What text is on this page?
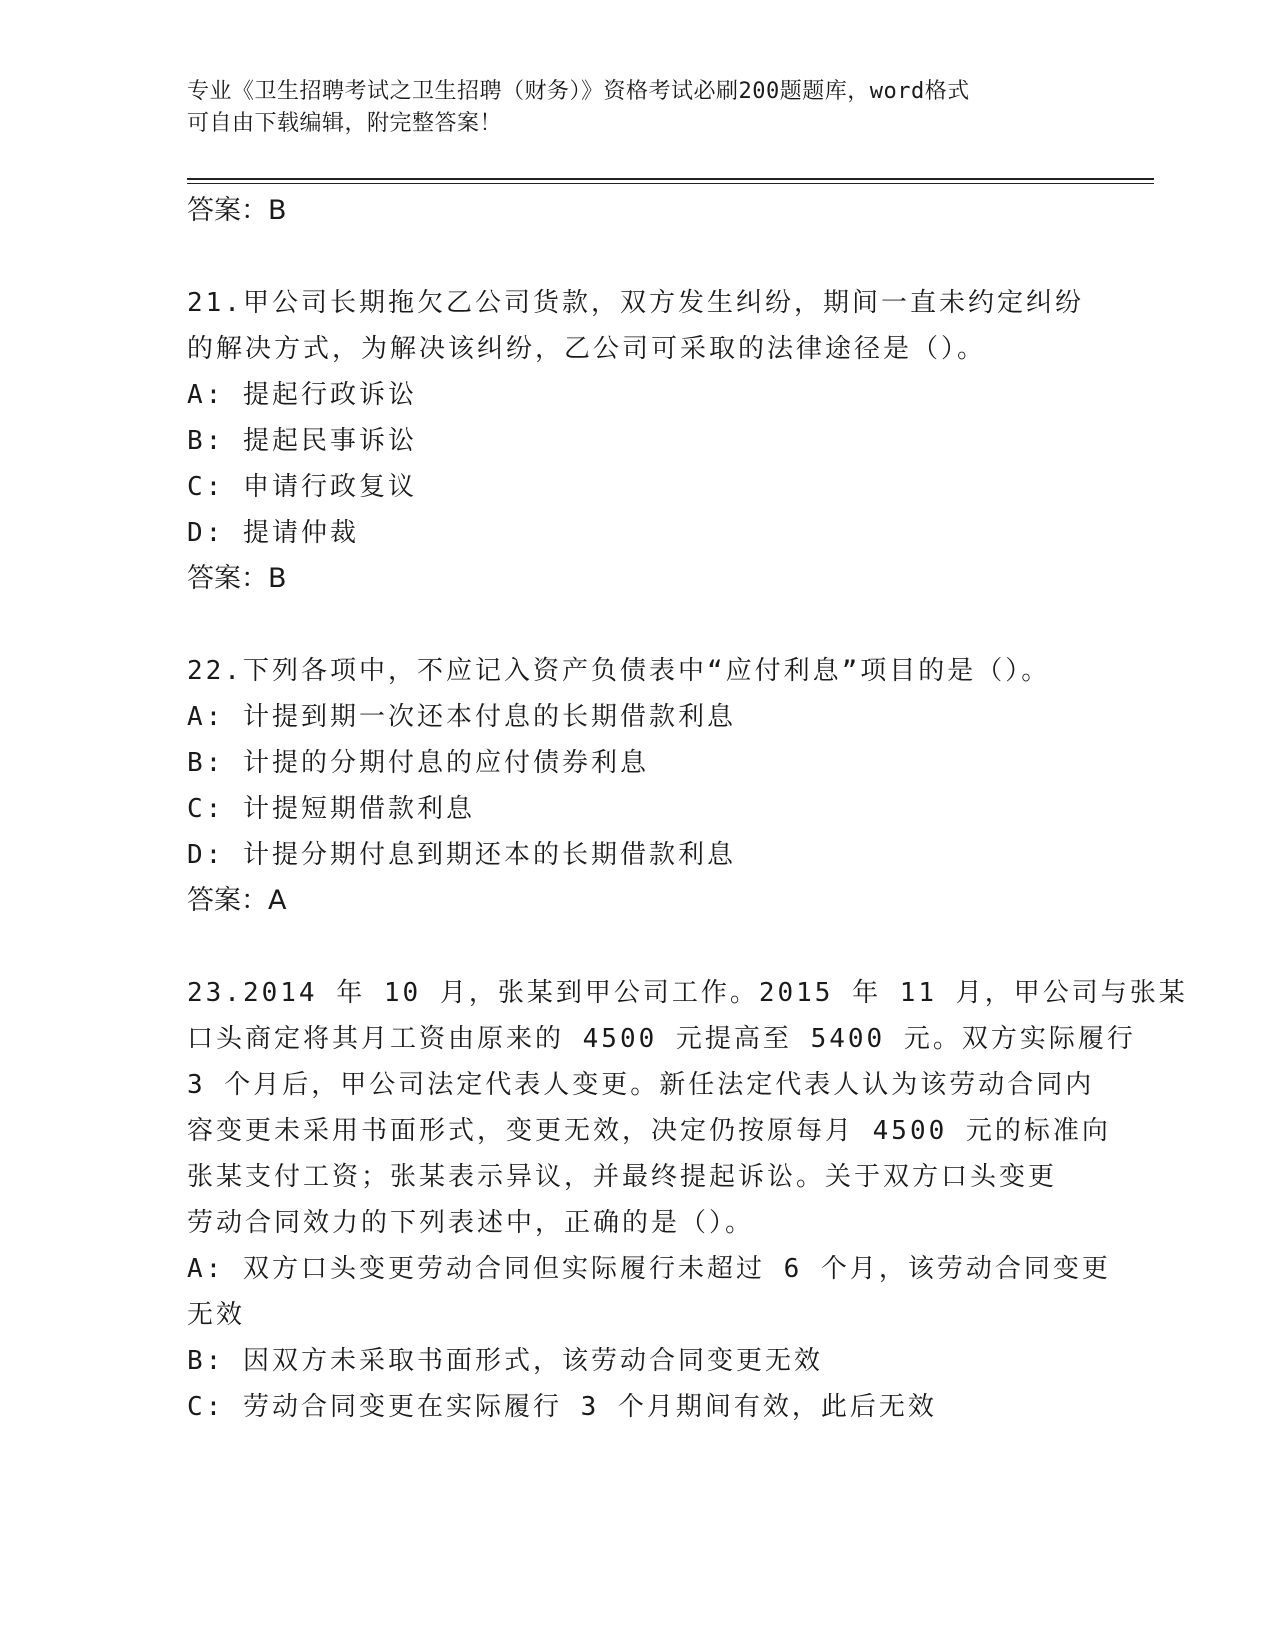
专业《卫生招聘考试之卫生招聘（财务）》资格考试必刷200题题库，word格式
可自由下载编辑，附完整答案！
答案：B
21.甲公司长期拖欠乙公司货款，双方发生纠纷，期间一直未约定纠纷
的解决方式，为解决该纠纷，乙公司可采取的法律途径是（）。
A: 提起行政诉讼
B: 提起民事诉讼
C: 申请行政复议
D: 提请仲裁
答案：B
22.下列各项中，不应记入资产负债表中“应付利息”项目的是（）。
A: 计提到期一次还本付息的长期借款利息
B: 计提的分期付息的应付债券利息
C: 计提短期借款利息
D: 计提分期付息到期还本的长期借款利息
答案：A
23.2014 年 10 月，张某到甲公司工作。2015 年 11 月，甲公司与张某
口头商定将其月工资由原来的 4500 元提高至 5400 元。双方实际履行
3 个月后，甲公司法定代表人变更。新任法定代表人认为该劳动合同内
容变更未采用书面形式，变更无效，决定仍按原每月 4500 元的标准向
张某支付工资；张某表示异议，并最终提起诉讼。关于双方口头变更
劳动合同效力的下列表述中，正确的是（）。
A: 双方口头变更劳动合同但实际履行未超过 6 个月，该劳动合同变更
无效
B: 因双方未采取书面形式，该劳动合同变更无效
C: 劳动合同变更在实际履行 3 个月期间有效，此后无效
